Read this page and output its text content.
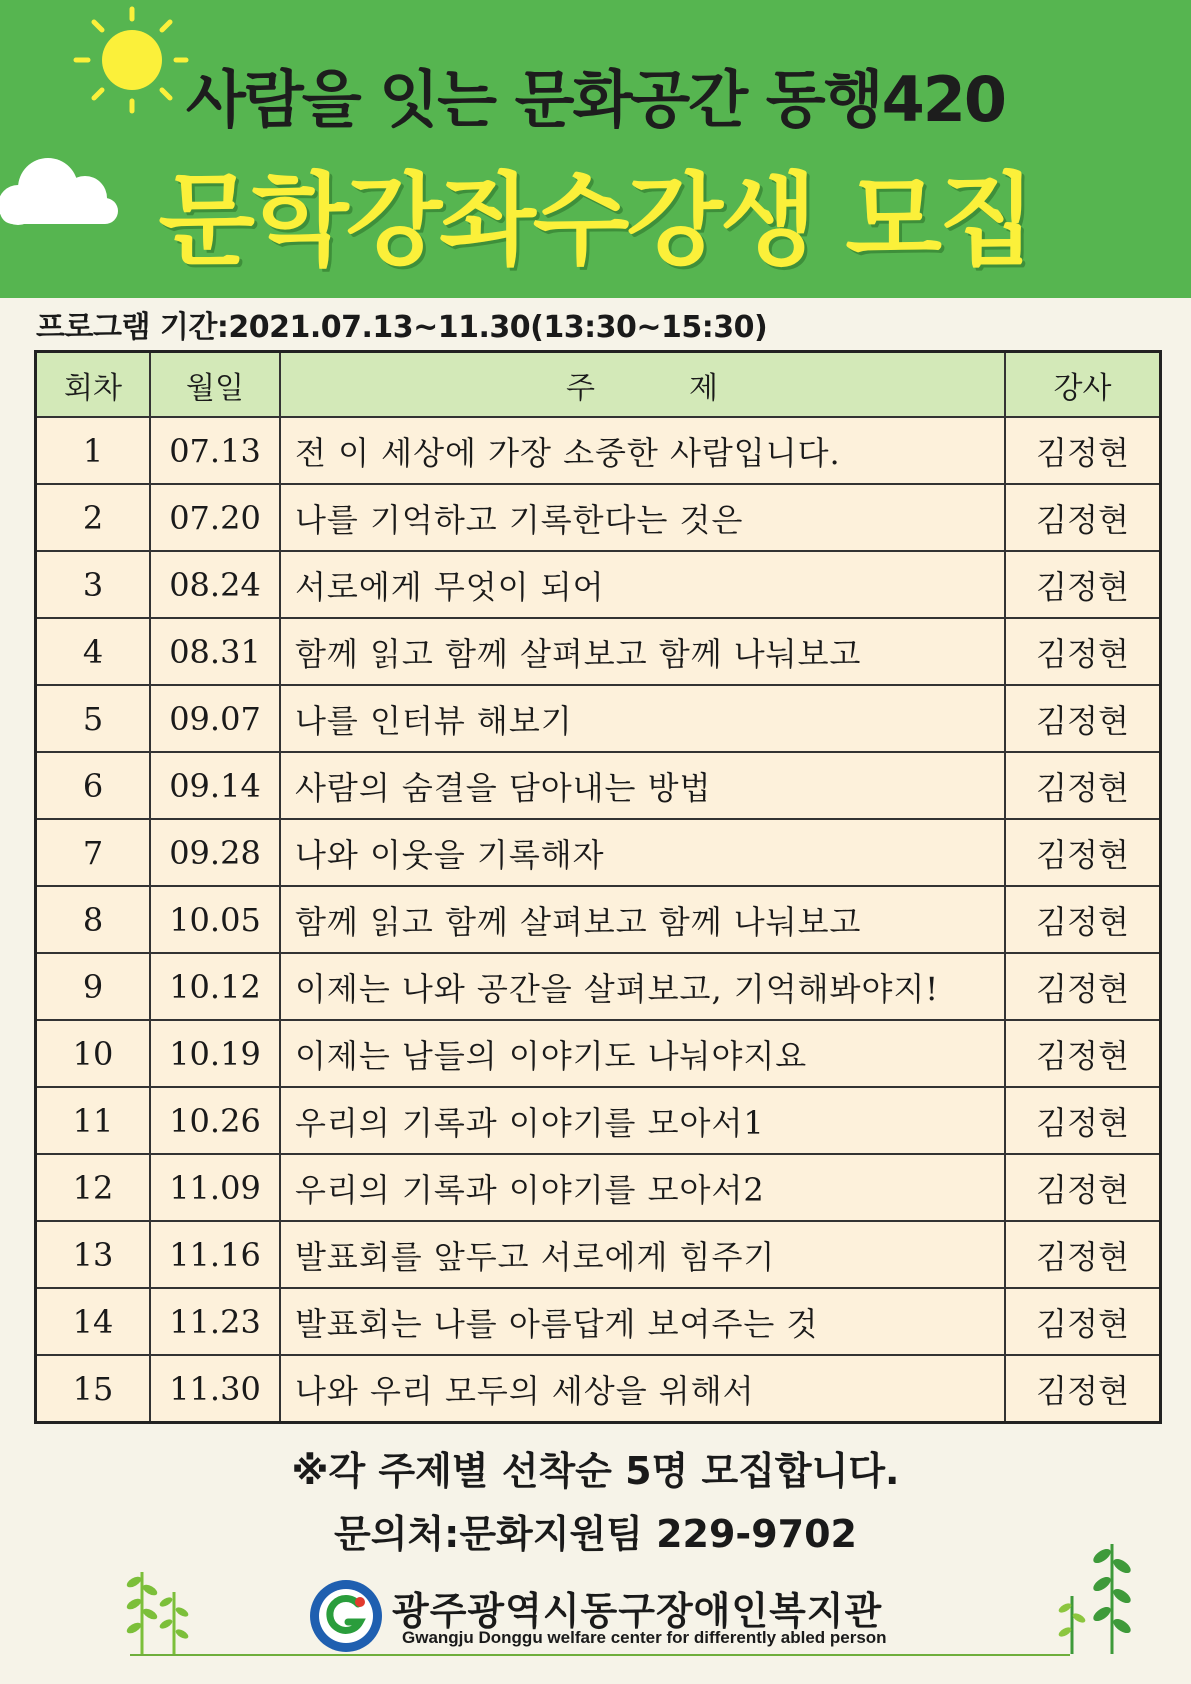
사람을 잇는 문화공간 동행420
문학강좌수강생 모집
프로그램 기간:2021.07.13~11.30(13:30~15:30)
회차	월일	주　　　제	강사
1	07.13	전 이 세상에 가장 소중한 사람입니다.	김정현
2	07.20	나를 기억하고 기록한다는 것은	김정현
3	08.24	서로에게 무엇이 되어	김정현
4	08.31	함께 읽고 함께 살펴보고 함께 나눠보고	김정현
5	09.07	나를 인터뷰 해보기	김정현
6	09.14	사람의 숨결을 담아내는 방법	김정현
7	09.28	나와 이웃을 기록해자	김정현
8	10.05	함께 읽고 함께 살펴보고 함께 나눠보고	김정현
9	10.12	이제는 나와 공간을 살펴보고, 기억해봐야지!	김정현
10	10.19	이제는 남들의 이야기도 나눠야지요	김정현
11	10.26	우리의 기록과 이야기를 모아서1	김정현
12	11.09	우리의 기록과 이야기를 모아서2	김정현
13	11.16	발표회를 앞두고 서로에게 힘주기	김정현
14	11.23	발표회는 나를 아름답게 보여주는 것	김정현
15	11.30	나와 우리 모두의 세상을 위해서	김정현
※각 주제별 선착순 5명 모집합니다.
문의처:문화지원팀 229-9702
광주광역시동구장애인복지관
Gwangju Donggu welfare center for differently abled person
